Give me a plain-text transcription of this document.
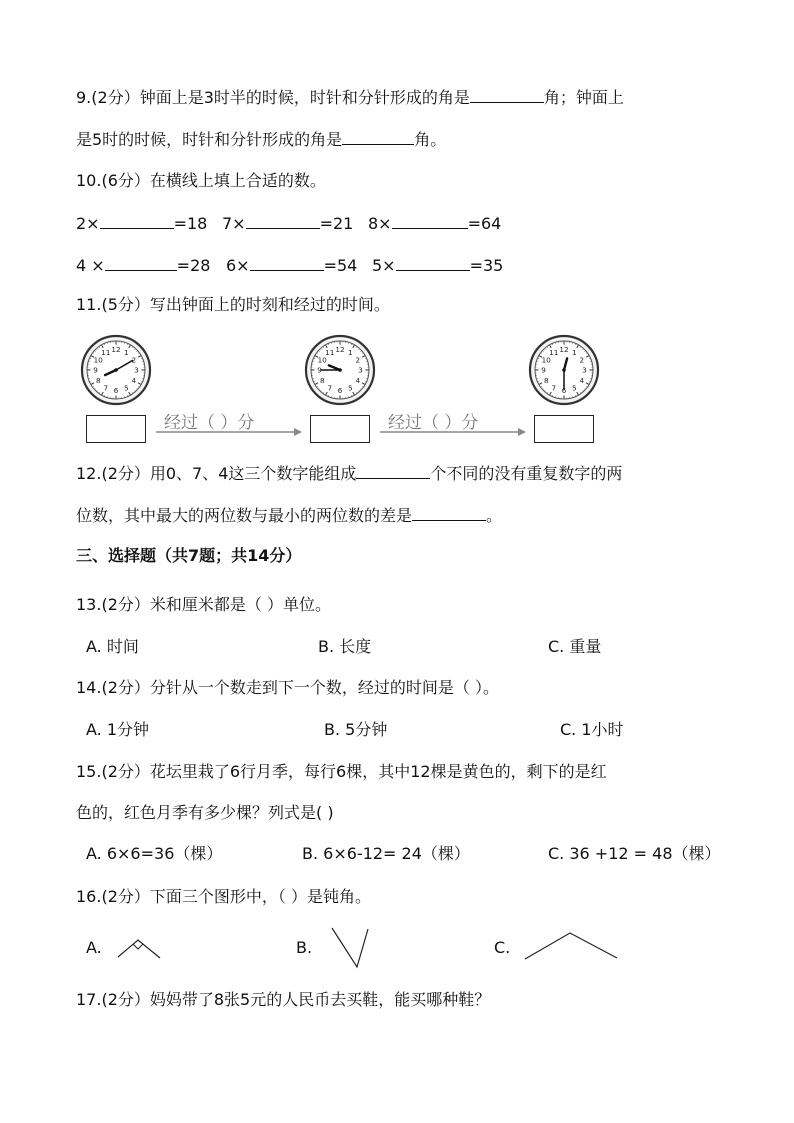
9.(2分）钟面上是3时半的时候，时针和分针形成的角是	角；钟面上
是5时的时候，时针和分针形成的角是	角。
10.(6分）在横线上填上合适的数。
2×	=18 7×	=21 8×	=64
4 ×	=28 6×	=54 5×	=35
11.(5分）写出钟面上的时刻和经过的时间。
12 1
2
3
4
5
6
7
8
9
10
11	12 1
2
3
4
5
6
7
8
9
10
11	12 1
2
3
4
5
6
7
8
9
10
11
经过（ ）分	经过（ ）分
12.(2分）用0、7、4这三个数字能组成	个不同的没有重复数字的两
位数，其中最大的两位数与最小的两位数的差是	。
三、选择题（共7题；共14分）
13.(2分）米和厘米都是（ ）单位。
A. 时间	B. 长度	C. 重量
14.(2分）分针从一个数走到下一个数，经过的时间是（ ）。
A. 1分钟	B. 5分钟	C. 1小时
15.(2分）花坛里栽了6行月季，每行6棵，其中12棵是黄色的，剩下的是红
色的，红色月季有多少棵？列式是( )
A. 6×6=36（棵）	B. 6×6-12= 24（棵）	C. 36 +12 = 48（棵）
16.(2分）下面三个图形中，（ ）是钝角。
A.	B.	C.
17.(2分）妈妈带了8张5元的人民币去买鞋，能买哪种鞋？
